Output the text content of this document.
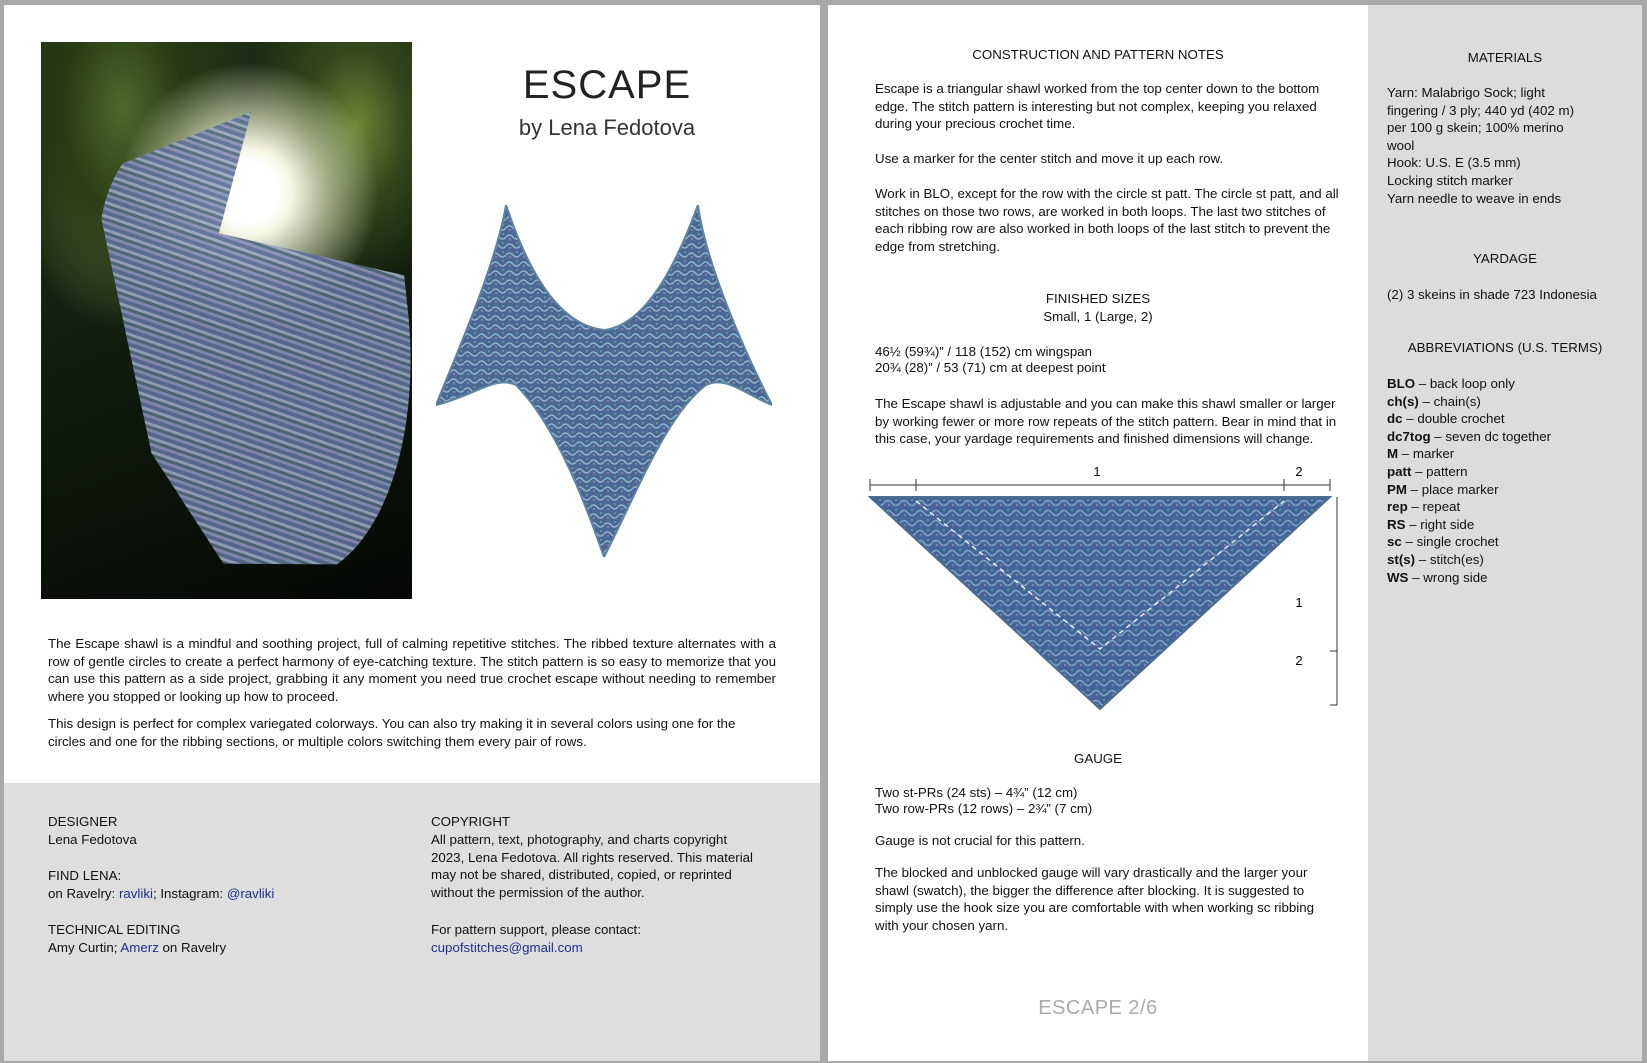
ESCAPE
by Lena Fedotova
The Escape shawl is a mindful and soothing project, full of calming repetitive stitches. The ribbed texture alternates with a row of gentle circles to create a perfect harmony of eye-catching texture. The stitch pattern is so easy to memorize that you can use this pattern as a side project, grabbing it any moment you need true crochet escape without needing to remember where you stopped or looking up how to proceed.
This design is perfect for complex variegated colorways. You can also try making it in several colors using one for the circles and one for the ribbing sections, or multiple colors switching them every pair of rows.
DESIGNER
Lena Fedotova
FIND LENA:
on Ravelry: ravliki; Instagram: @ravliki
TECHNICAL EDITING
Amy Curtin; Amerz on Ravelry
COPYRIGHT
All pattern, text, photography, and charts copyright 2023, Lena Fedotova. All rights reserved. This material may not be shared, distributed, copied, or reprinted without the permission of the author.
For pattern support, please contact:
cupofstitches@gmail.com
CONSTRUCTION AND PATTERN NOTES
Escape is a triangular shawl worked from the top center down to the bottom edge. The stitch pattern is interesting but not complex, keeping you relaxed during your precious crochet time.
Use a marker for the center stitch and move it up each row.
Work in BLO, except for the row with the circle st patt. The circle st patt, and all stitches on those two rows, are worked in both loops. The last two stitches of each ribbing row are also worked in both loops of the last stitch to prevent the edge from stretching.
FINISHED SIZES
Small, 1 (Large, 2)
46½ (59¾)” / 118 (152) cm wingspan
20¾ (28)” / 53 (71) cm at deepest point
The Escape shawl is adjustable and you can make this shawl smaller or larger by working fewer or more row repeats of the stitch pattern. Bear in mind that in this case, your yardage requirements and finished dimensions will change.
1	2
1
2
GAUGE
Two st-PRs (24 sts) – 4¾” (12 cm)
Two row-PRs (12 rows) – 2¾” (7 cm)
Gauge is not crucial for this pattern.
The blocked and unblocked gauge will vary drastically and the larger your shawl (swatch), the bigger the difference after blocking. It is suggested to simply use the hook size you are comfortable with when working sc ribbing with your chosen yarn.
ESCAPE 2/6
MATERIALS
Yarn: Malabrigo Sock; light
fingering / 3 ply; 440 yd (402 m)
per 100 g skein; 100% merino
wool
Hook: U.S. E (3.5 mm)
Locking stitch marker
Yarn needle to weave in ends
YARDAGE
(2) 3 skeins in shade 723 Indonesia
ABBREVIATIONS (U.S. TERMS)
BLO – back loop only
ch(s) – chain(s)
dc – double crochet
dc7tog – seven dc together
M – marker
patt – pattern
PM – place marker
rep – repeat
RS – right side
sc – single crochet
st(s) – stitch(es)
WS – wrong side
